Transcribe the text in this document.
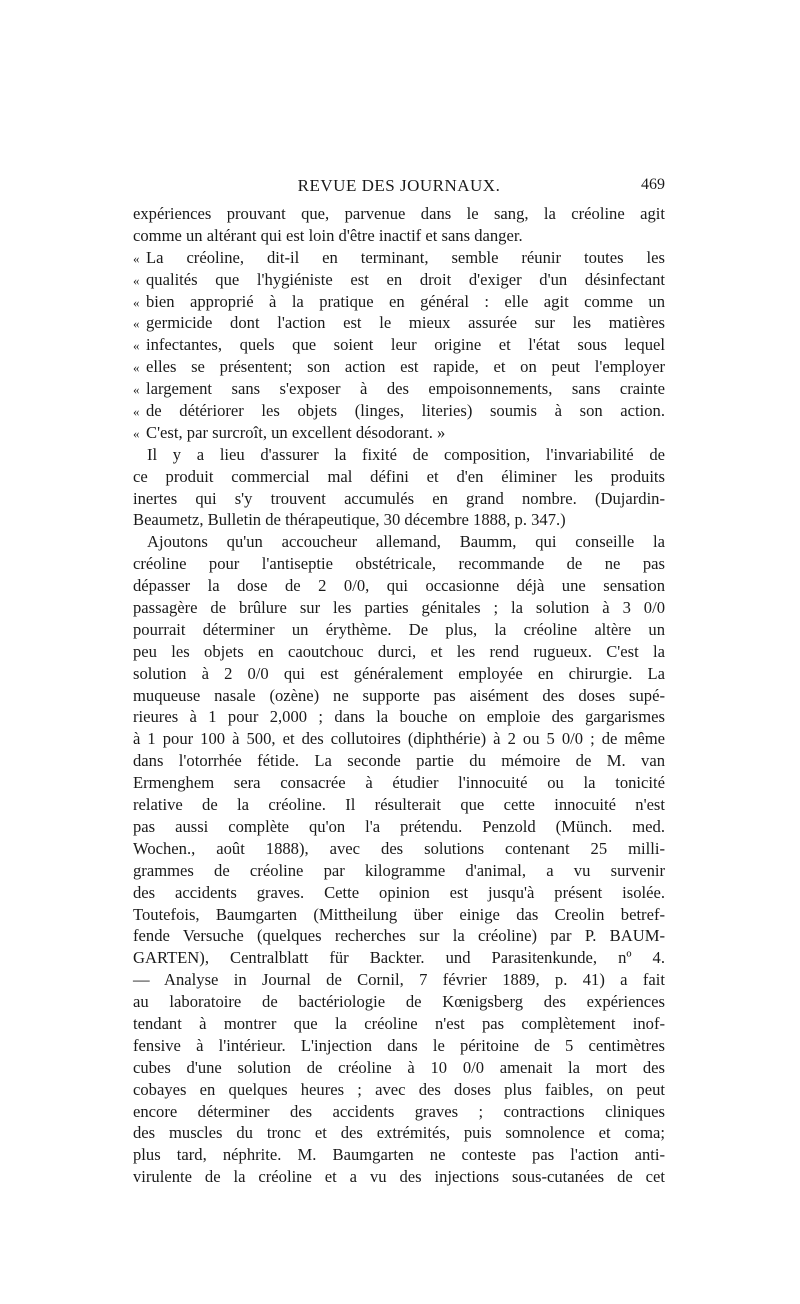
REVUE DES JOURNAUX.	469
expériences prouvant que, parvenue dans le sang, la créoline agit
comme un altérant qui est loin d'être inactif et sans danger.
« La créoline, dit-il en terminant, semble réunir toutes les
« qualités que l'hygiéniste est en droit d'exiger d'un désinfectant
« bien approprié à la pratique en général : elle agit comme un
« germicide dont l'action est le mieux assurée sur les matières
« infectantes, quels que soient leur origine et l'état sous lequel
« elles se présentent; son action est rapide, et on peut l'employer
« largement sans s'exposer à des empoisonnements, sans crainte
« de détériorer les objets (linges, literies) soumis à son action.
« C'est, par surcroît, un excellent désodorant. »
Il y a lieu d'assurer la fixité de composition, l'invariabilité de
ce produit commercial mal défini et d'en éliminer les produits
inertes qui s'y trouvent accumulés en grand nombre. (Dujardin-
Beaumetz, Bulletin de thérapeutique, 30 décembre 1888, p. 347.)
Ajoutons qu'un accoucheur allemand, Baumm, qui conseille la
créoline pour l'antiseptie obstétricale, recommande de ne pas
dépasser la dose de 2 0/0, qui occasionne déjà une sensation
passagère de brûlure sur les parties génitales ; la solution à 3 0/0
pourrait déterminer un érythème. De plus, la créoline altère un
peu les objets en caoutchouc durci, et les rend rugueux. C'est la
solution à 2 0/0 qui est généralement employée en chirurgie. La
muqueuse nasale (ozène) ne supporte pas aisément des doses supé-
rieures à 1 pour 2,000 ; dans la bouche on emploie des gargarismes
à 1 pour 100 à 500, et des collutoires (diphthérie) à 2 ou 5 0/0 ; de même
dans l'otorrhée fétide. La seconde partie du mémoire de M. van
Ermenghem sera consacrée à étudier l'innocuité ou la tonicité
relative de la créoline. Il résulterait que cette innocuité n'est
pas aussi complète qu'on l'a prétendu. Penzold (Münch. med.
Wochen., août 1888), avec des solutions contenant 25 milli-
grammes de créoline par kilogramme d'animal, a vu survenir
des accidents graves. Cette opinion est jusqu'à présent isolée.
Toutefois, Baumgarten (Mittheilung über einige das Creolin betref-
fende Versuche (quelques recherches sur la créoline) par P. BAUM-
GARTEN), Centralblatt für Backter. und Parasitenkunde, nº 4.
— Analyse in Journal de Cornil, 7 février 1889, p. 41) a fait
au laboratoire de bactériologie de Kœnigsberg des expériences
tendant à montrer que la créoline n'est pas complètement inof-
fensive à l'intérieur. L'injection dans le péritoine de 5 centimètres
cubes d'une solution de créoline à 10 0/0 amenait la mort des
cobayes en quelques heures ; avec des doses plus faibles, on peut
encore déterminer des accidents graves ; contractions cliniques
des muscles du tronc et des extrémités, puis somnolence et coma;
plus tard, néphrite. M. Baumgarten ne conteste pas l'action anti-
virulente de la créoline et a vu des injections sous-cutanées de cet
